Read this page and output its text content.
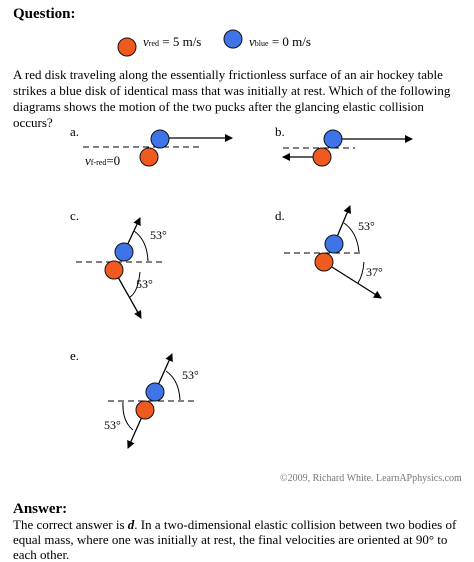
Question:
vred = 5 m/s	vblue = 0 m/s
A red disk traveling along the essentially frictionless surface of an air hockey table strikes a blue disk of identical mass that was initially at rest. Which of the following diagrams shows the motion of the two pucks after the glancing elastic collision occurs?
a.	b.
c.	d.
e.
vf-red=0
53°
53°
53°
37°
53°
53°
©2009, Richard White. LearnAPphysics.com
Answer:
The correct answer is d. In a two-dimensional elastic collision between two bodies of equal mass, where one was initially at rest, the final velocities are oriented at 90° to each other.
